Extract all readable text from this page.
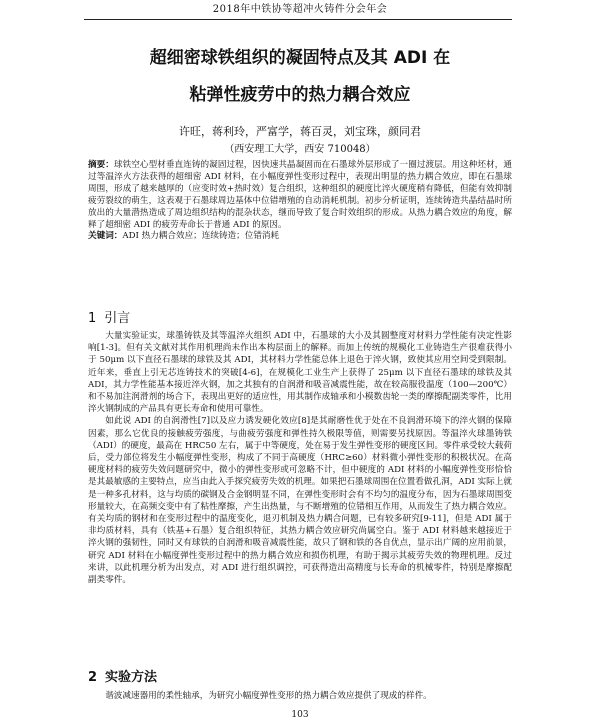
2018年中铁协等超冲火铸件分会年会
超细密球铁组织的凝固特点及其 ADI 在
粘弹性疲劳中的热力耦合效应
许旺，蒋利玲，严富学，蒋百灵，刘宝珠，颜同君
（西安理工大学，西安 710048）

摘要：球铁空心型材垂直连铸的凝固过程，因快速共晶凝固而在石墨球外层形成了一圈过渡层。用这种坯材，通过等温淬火方法获得的超细密 ADI 材料，在小幅度弹性变形过程中，表现出明显的热力耦合效应，即在石墨球周围，形成了越来越厚的（应变时效+热时效）复合组织，这种组织的硬度比淬火硬度稍有降低，但能有效抑制疲劳裂纹的萌生，这表观于石墨球周边基体中位错增殖的自动消耗机制。初步分析证明，连续铸造共晶结晶时所放出的大量潜热造成了周边组织结构的混杂状态，继而导致了复合时效组织的形成。从热力耦合效应的角度，解释了超细密 ADI 的疲劳寿命长于普通 ADI 的原因。

关键词：ADI 热力耦合效应；连续铸造；位错消耗

1 引言

大量实验证实，球墨铸铁及其等温淬火组织 ADI 中，石墨球的大小及其圆整度对材料力学性能有决定性影响[1-3]。但有关文献对其作用机理尚未作出本构层面上的解释。而加上传统的规模化工业铸造生产很难获得小于 50μm 以下直径石墨球的球铁及其 ADI，其材料力学性能总体上退色于淬火钢，致使其应用空间受到限制。近年来，垂直上引无芯连铸技术的突破[4-6]，在规模化工业生产上获得了 25μm 以下直径石墨球的球铁及其 ADI，其力学性能基本接近淬火钢，加之其独有的自润滑和吸音减震性能，故在较高服役温度（100—200℃）和不易加注润滑剂的场合下，表现出更好的适应性，用其制作成轴承和小模数齿轮一类的摩擦配副类零件，比用淬火钢制成的产品具有更长寿命和使用可靠性。

如此说 ADI 的自润滑性[7]以及应力诱发硬化效应[8]是其耐磨性优于处在不良润滑环境下的淬火钢的保障因素，那么它优良的接触疲劳强度，与曲疲劳强度和弹性持久极限等值，则需要另找原因。等温淬火球墨铸铁（ADI）的硬度，最高在 HRC50 左右，属于中等硬度，处在易于发生弹性变形的硬度区间。零件承受较大载荷后，受力部位将发生小幅度弹性变形，构成了不同于高硬度（HRC≥60）材料微小弹性变形的积极状况。在高硬度材料的疲劳失效问题研究中，微小的弹性变形或可忽略不计，但中硬度的 ADI 材料的小幅度弹性变形恰恰是其最敏感的主要特点，应当由此入手探究疲劳失效的机理。如果把石墨球周围在位置看做孔洞，ADI 实际上就是一种多孔材料，这与均质的碳钢及合金钢明显不同，在弹性变形时会有不均匀的温度分布，因为石墨球周围变形量较大，在高频交变中有了粘性摩擦，产生出热量，与不断增殖的位错相互作用，从而发生了热力耦合效应。有关均质的钢材和在变形过程中的温度变化，退刃机制及热力耦合问题，已有较多研究[9-11]，但是 ADI 属于非均质材料，具有（铁基+石墨）复合组织特征，其热力耦合效应研究尚属空白。鉴于 ADI 材料越来越接近于淬火钢的强韧性，同时又有球铁的自润滑和吸音减震性能，故只了钢和铁的各自优点，显示出广阔的应用前景，研究 ADI 材料在小幅度弹性变形过程中的热力耦合效应和损伤机理，有助于揭示其疲劳失效的物理机理。反过来讲，以此机理分析为出发点，对 ADI 进行组织调控，可获得造出高精度与长寿命的机械零件，特别是摩擦配副类零件。

2 实验方法

谐波减速器用的柔性轴承，为研究小幅度弹性变形的热力耦合效应提供了现成的样件。

103
